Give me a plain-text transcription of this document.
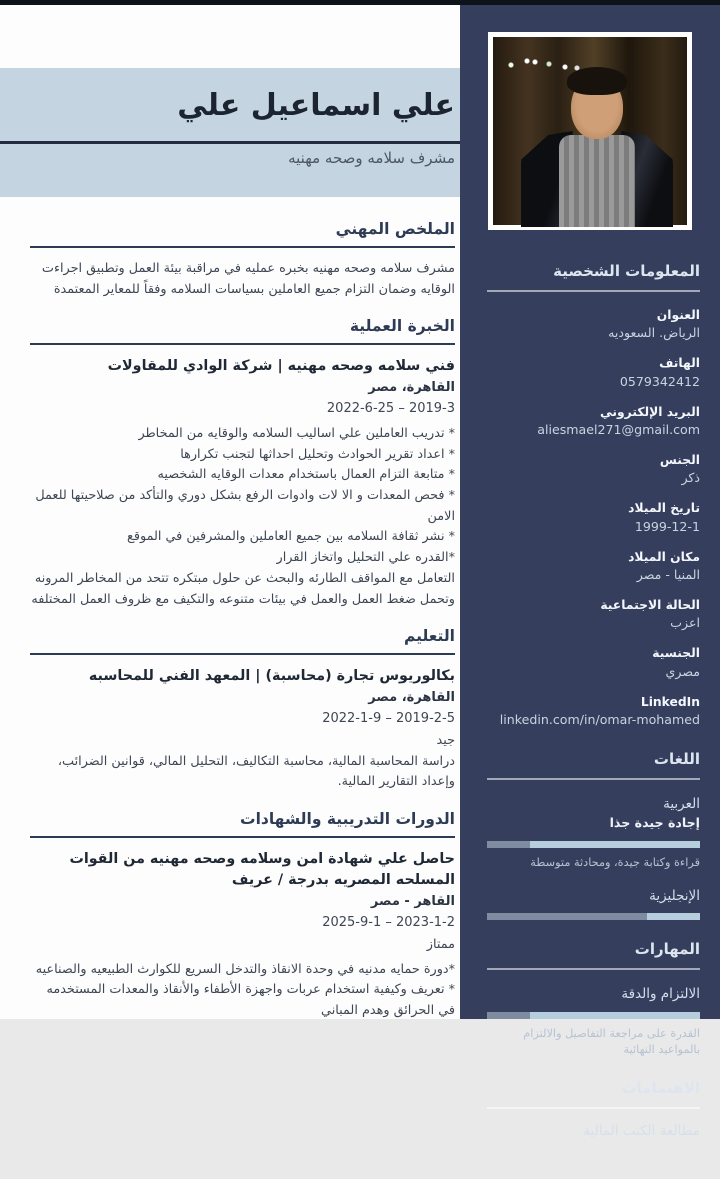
علي اسماعيل علي
مشرف سلامه وصحه مهنيه
الملخص المهني
مشرف سلامه وصحه مهنيه بخبره عمليه في مراقبة بيئة العمل وتطبيق اجراءت الوقايه وضمان التزام جميع العاملين بسياسات السلامه وفقاً للمعاير المعتمدة
الخبرة العملية
فني سلامه وصحه مهنيه | شركة الوادي للمقاولات
القاهرة، مصر
2019-3 – 2022-6-25
* تدريب العاملين علي اساليب السلامه والوقايه من المخاطر
* اعداد تقرير الحوادث وتحليل احداثها لتجنب تكرارها
* متابعة التزام العمال باستخدام معدات الوقايه الشخصيه
* فحص المعدات و الا لات وادوات الرفع بشكل دوري والتأكد من صلاحيتها للعمل الامن
* نشر ثقافة السلامه بين جميع العاملين والمشرفين في الموقع
*القدره علي التحليل واتخاز القرار
التعامل مع المواقف الطارئه والبحث عن حلول مبتكره تتحد من المخاطر المرونه وتحمل ضغط العمل والعمل في بيئات متنوعه والتكيف مع ظروف العمل المختلفه
التعليم
بكالوريوس تجارة (محاسبة) | المعهد الفني للمحاسبه
القاهرة، مصر
2019-2-5 – 2022-1-9
جيد
دراسة المحاسبة المالية، محاسبة التكاليف، التحليل المالي، قوانين الضرائب، وإعداد التقارير المالية.
الدورات التدريبية والشهادات
حاصل علي شهادة امن وسلامه وصحه مهنيه من القوات المسلحه المصريه بدرجة / عريف
القاهر - مصر
2023-1-2 – 2025-9-1
ممتاز
*دورة حمايه مدنيه في وحدة الانقاذ والتدخل السريع للكوارث الطبيعيه والصناعيه
* تعريف وكيفية استخدام عربات واجهزة الأطفاء والأنقاذ والمعدات المستخدمه في الحرائق وهدم المباني
المعلومات الشخصية
العنوان
الرياض. السعوديه
الهاتف
0579342412
البريد الإلكتروني
aliesmael271@gmail.com
الجنس
ذكر
تاريخ الميلاد
1999-12-1
مكان الميلاد
المنيا - مصر
الحالة الاجتماعية
اعزب
الجنسية
مصري
LinkedIn
linkedin.com/in/omar-mohamed
اللغات
العربية
إجادة جيدة جذا
قراءة وكتابة جيدة، ومحادثة متوسطة
الإنجليزية
المهارات
الالتزام والدقة
القدرة على مراجعة التفاصيل والالتزام بالمواعيد النهائية
الاهتمامات
مطالعة الكتب المالية
